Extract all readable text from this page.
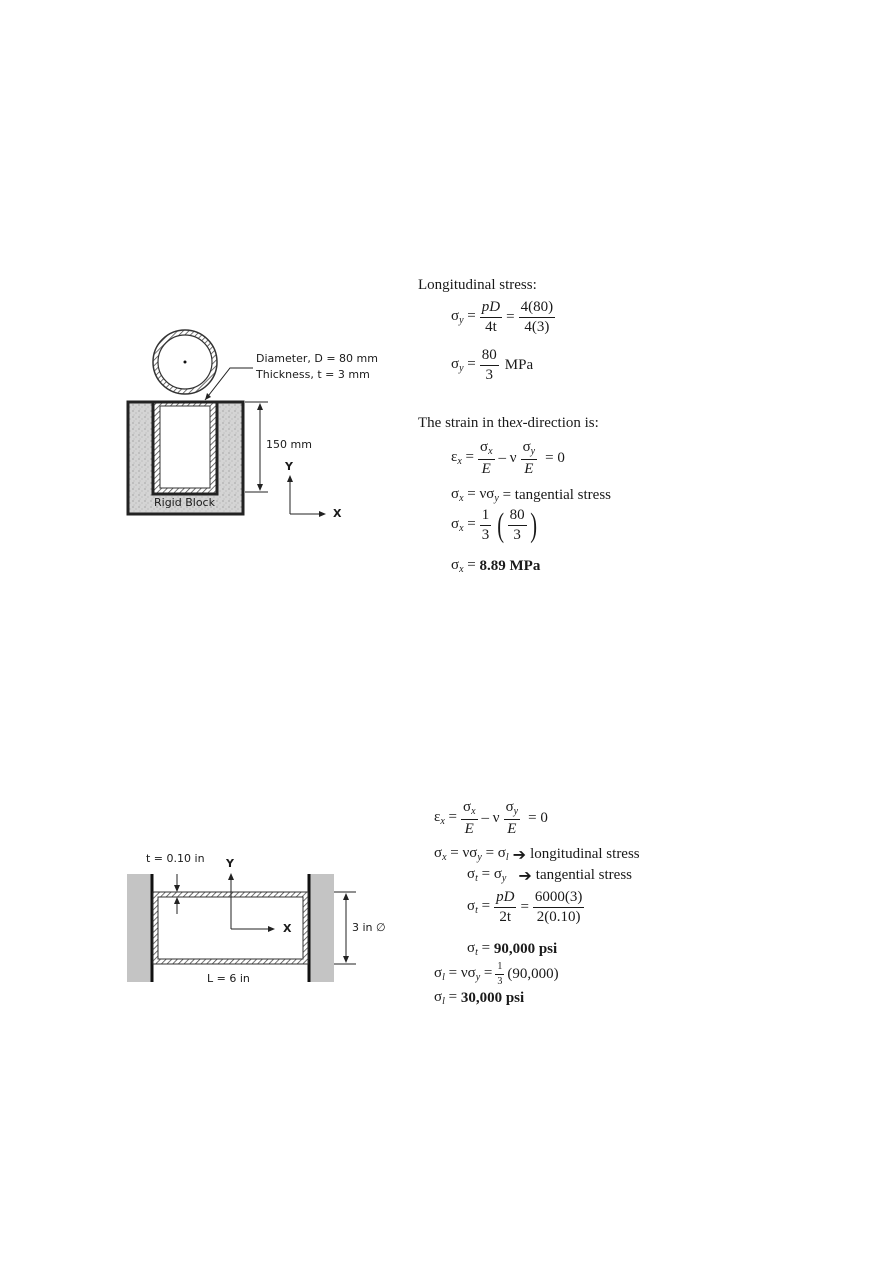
Diameter, D = 80 mm
Thickness, t = 3 mm
150 mm
Y
X
Rigid Block
Longitudinal stress:
$\sigma_y = \frac{pD}{4t} = \frac{4(80)}{4(3)}$
$\sigma_y = \frac{80}{3}$ MPa
The strain in the x -direction is:
$\varepsilon_x = \frac{\sigma_x}{E} - \nu \frac{\sigma_y}{E} = 0$
$\sigma_x = \nu\sigma_y$ = tangential stress
$\sigma_x = \frac{1}{3}$ ( $\frac{80}{3}$ )
$\sigma_x = 8.89$ MPa
t = 0.10 in Y
X	3 in ∅
L = 6 in
$\varepsilon_x = \frac{\sigma_x}{E} - \nu \frac{\sigma_y}{E} = 0$
$\sigma_x = \nu\sigma_y = \sigma_l$ ➔ longitudinal stress
$\sigma_t = \sigma_y$ ➔ tangential stress
$\sigma_t = \frac{pD}{2t} = \frac{6000(3)}{2(0.10)}$
$\sigma_t = 90,000$ psi
$\sigma_l = \nu\sigma_y = \frac{1}{3} (90,000)$
$\sigma_l = 30,000$ psi
